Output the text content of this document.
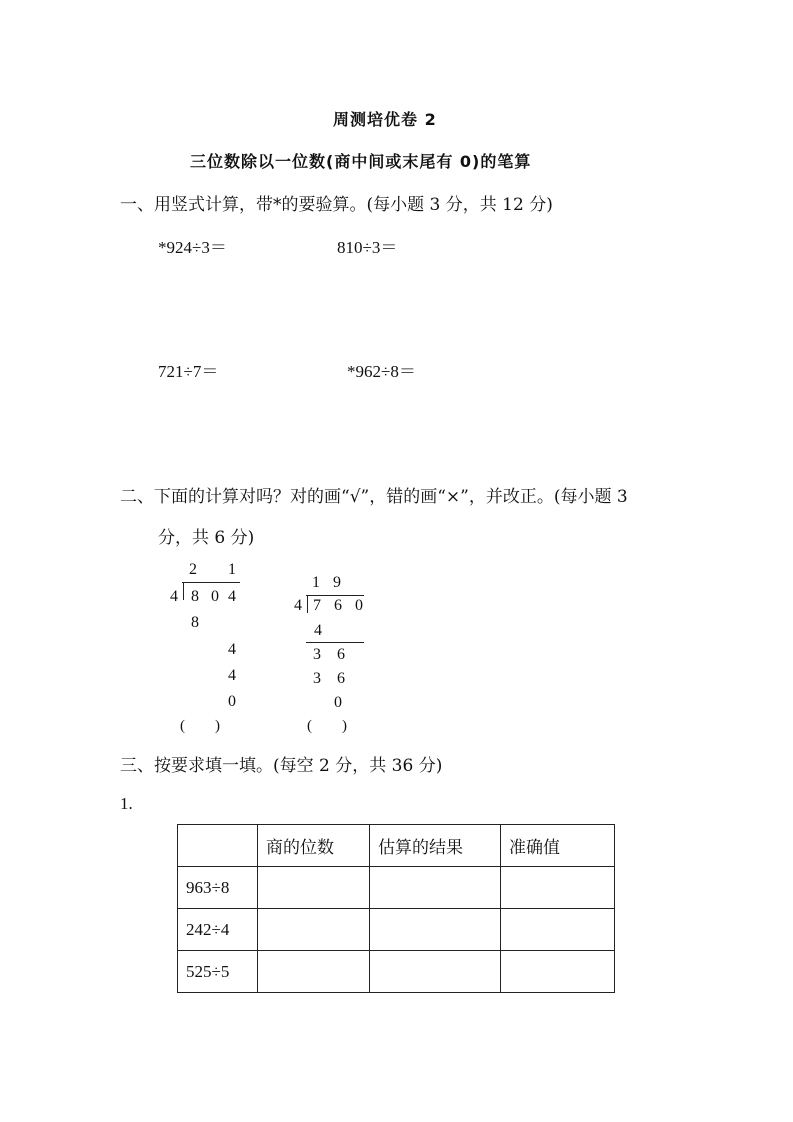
周测培优卷 2
三位数除以一位数(商中间或末尾有 0)的笔算
一、用竖式计算，带*的要验算。(每小题 3 分，共 12 分)
*924÷3＝	810÷3＝
721÷7＝	*962÷8＝
二、下面的计算对吗？对的画“√”，错的画“×”，并改正。(每小题 3
分，共 6 分)
2 1
4 8 0 4
8
4
4
0
(　　)
1 9
4 7 6 0
4
3 6
3 6
0
(　　)
三、按要求填一填。(每空 2 分，共 36 分)
1.
	商的位数	估算的结果	准确值
963÷8			
242÷4			
525÷5			
